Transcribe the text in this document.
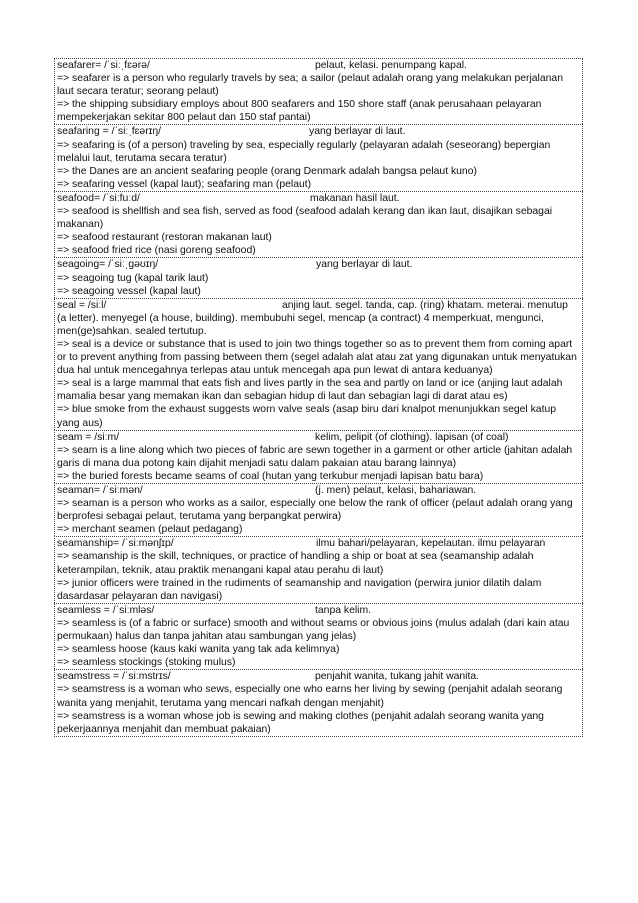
seafarer= /ˈsiːˌfɛərə/	pelaut, kelasi. penumpang kapal.
=> seafarer is a person who regularly travels by sea; a sailor (pelaut adalah orang yang melakukan perjalanan laut secara teratur; seorang pelaut)
=> the shipping subsidiary employs about 800 seafarers and 150 shore staff (anak perusahaan pelayaran mempekerjakan sekitar 800 pelaut dan 150 staf pantai)
seafaring = /ˈsiːˌfɛərɪŋ/	yang berlayar di laut.
=> seafaring is (of a person) traveling by sea, especially regularly (pelayaran adalah (seseorang) bepergian melalui laut, terutama secara teratur)
=> the Danes are an ancient seafaring people (orang Denmark adalah bangsa pelaut kuno)
=> seafaring vessel (kapal laut); seafaring man (pelaut)
seafood= /ˈsiːfuːd/	makanan hasil laut.
=> seafood is shellfish and sea fish, served as food (seafood adalah kerang dan ikan laut, disajikan sebagai makanan)
=> seafood restaurant (restoran makanan laut)
=> seafood fried rice (nasi goreng seafood)
seagoing= /ˈsiːˌɡəʊɪŋ/	yang berlayar di laut.
=> seagoing tug (kapal tarik laut)
=> seagoing vessel (kapal laut)
seal = /siːl/	anjing laut. segel. tanda, cap. (ring) khatam. meterai. menutup
(a letter). menyegel (a house, building). membubuhi segel, mencap (a contract) 4 memperkuat, mengunci, men(ge)sahkan. sealed tertutup.
=> seal is a device or substance that is used to join two things together so as to prevent them from coming apart or to prevent anything from passing between them (segel adalah alat atau zat yang digunakan untuk menyatukan dua hal untuk mencegahnya terlepas atau untuk mencegah apa pun lewat di antara keduanya)
=> seal is a large mammal that eats fish and lives partly in the sea and partly on land or ice (anjing laut adalah mamalia besar yang memakan ikan dan sebagian hidup di laut dan sebagian lagi di darat atau es)
=> blue smoke from the exhaust suggests worn valve seals (asap biru dari knalpot menunjukkan segel katup yang aus)
seam = /siːm/	kelim, pelipit (of clothing). lapisan (of coal)
=> seam is a line along which two pieces of fabric are sewn together in a garment or other article (jahitan adalah garis di mana dua potong kain dijahit menjadi satu dalam pakaian atau barang lainnya)
=> the buried forests became seams of coal (hutan yang terkubur menjadi lapisan batu bara)
seaman= /ˈsiːmən/	(j. men) pelaut, kelasi, bahariawan.
=> seaman is a person who works as a sailor, especially one below the rank of officer (pelaut adalah orang yang berprofesi sebagai pelaut, terutama yang berpangkat perwira)
=> merchant seamen (pelaut pedagang)
seamanship= /ˈsiːmənʃɪp/	ilmu bahari/pelayaran, kepelautan. ilmu pelayaran
=> seamanship is the skill, techniques, or practice of handling a ship or boat at sea (seamanship adalah keterampilan, teknik, atau praktik menangani kapal atau perahu di laut)
=> junior officers were trained in the rudiments of seamanship and navigation (perwira junior dilatih dalam dasardasar pelayaran dan navigasi)
seamless = /ˈsiːmləs/	tanpa kelim.
=> seamless is (of a fabric or surface) smooth and without seams or obvious joins (mulus adalah (dari kain atau permukaan) halus dan tanpa jahitan atau sambungan yang jelas)
=> seamless hoose (kaus kaki wanita yang tak ada kelimnya)
=> seamless stockings (stoking mulus)
seamstress = /ˈsiːmstrɪs/	penjahit wanita, tukang jahit wanita.
=> seamstress is a woman who sews, especially one who earns her living by sewing (penjahit adalah seorang wanita yang menjahit, terutama yang mencari nafkah dengan menjahit)
=> seamstress is a woman whose job is sewing and making clothes (penjahit adalah seorang wanita yang pekerjaannya menjahit dan membuat pakaian)
